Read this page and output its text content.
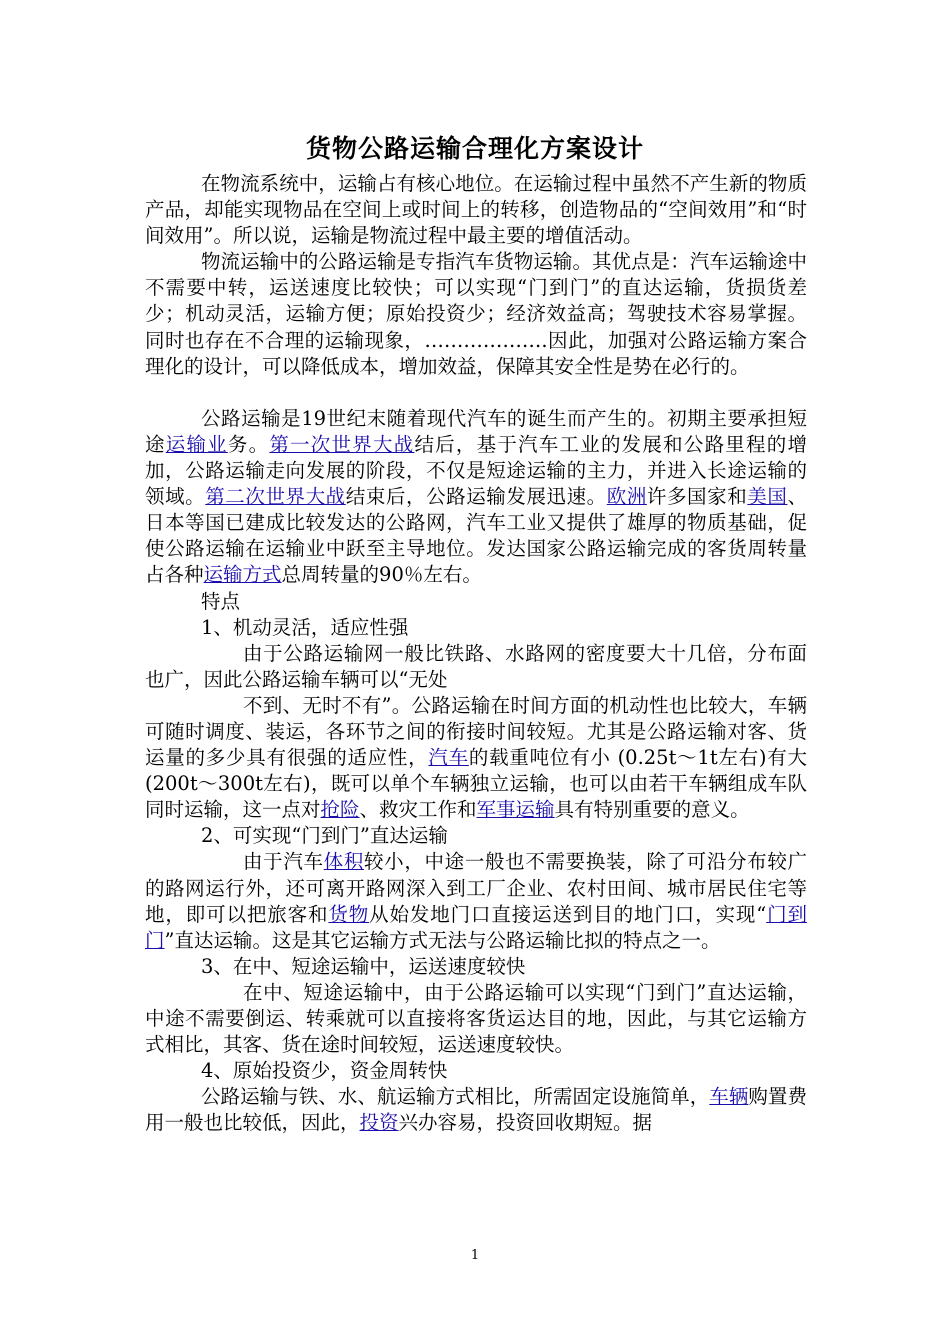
货物公路运输合理化方案设计

在物流系统中，运输占有核心地位。在运输过程中虽然不产生新的物质产品，却能实现物品在空间上或时间上的转移，创造物品的“空间效用”和“时间效用”。所以说，运输是物流过程中最主要的增值活动。

物流运输中的公路运输是专指汽车货物运输。其优点是：汽车运输途中不需要中转，运送速度比较快；可以实现“门到门”的直达运输，货损货差少；机动灵活，运输方便；原始投资少；经济效益高；驾驶技术容易掌握。同时也存在不合理的运输现象，……………….因此，加强对公路运输方案合理化的设计，可以降低成本，增加效益，保障其安全性是势在必行的。

公路运输是19世纪末随着现代汽车的诞生而产生的。初期主要承担短途运输业务。第一次世界大战结后，基于汽车工业的发展和公路里程的增加，公路运输走向发展的阶段，不仅是短途运输的主力，并进入长途运输的领域。第二次世界大战结束后，公路运输发展迅速。欧洲许多国家和美国、日本等国已建成比较发达的公路网，汽车工业又提供了雄厚的物质基础，促使公路运输在运输业中跃至主导地位。发达国家公路运输完成的客货周转量占各种运输方式总周转量的90％左右。

特点

1、机动灵活，适应性强

由于公路运输网一般比铁路、水路网的密度要大十几倍，分布面也广，因此公路运输车辆可以“无处

不到、无时不有”。公路运输在时间方面的机动性也比较大，车辆可随时调度、装运，各环节之间的衔接时间较短。尤其是公路运输对客、货运量的多少具有很强的适应性，汽车的载重吨位有小 (0.25t～1t左右)有大(200t～300t左右)，既可以单个车辆独立运输，也可以由若干车辆组成车队同时运输，这一点对抢险、救灾工作和军事运输具有特别重要的意义。

2、可实现“门到门”直达运输

由于汽车体积较小，中途一般也不需要换装，除了可沿分布较广的路网运行外，还可离开路网深入到工厂企业、农村田间、城市居民住宅等地，即可以把旅客和货物从始发地门口直接运送到目的地门口，实现“门到门”直达运输。这是其它运输方式无法与公路运输比拟的特点之一。

3、在中、短途运输中，运送速度较快

在中、短途运输中，由于公路运输可以实现“门到门”直达运输，中途不需要倒运、转乘就可以直接将客货运达目的地，因此，与其它运输方式相比，其客、货在途时间较短，运送速度较快。

4、原始投资少，资金周转快

公路运输与铁、水、航运输方式相比，所需固定设施简单，车辆购置费用一般也比较低，因此，投资兴办容易，投资回收期短。据

1
